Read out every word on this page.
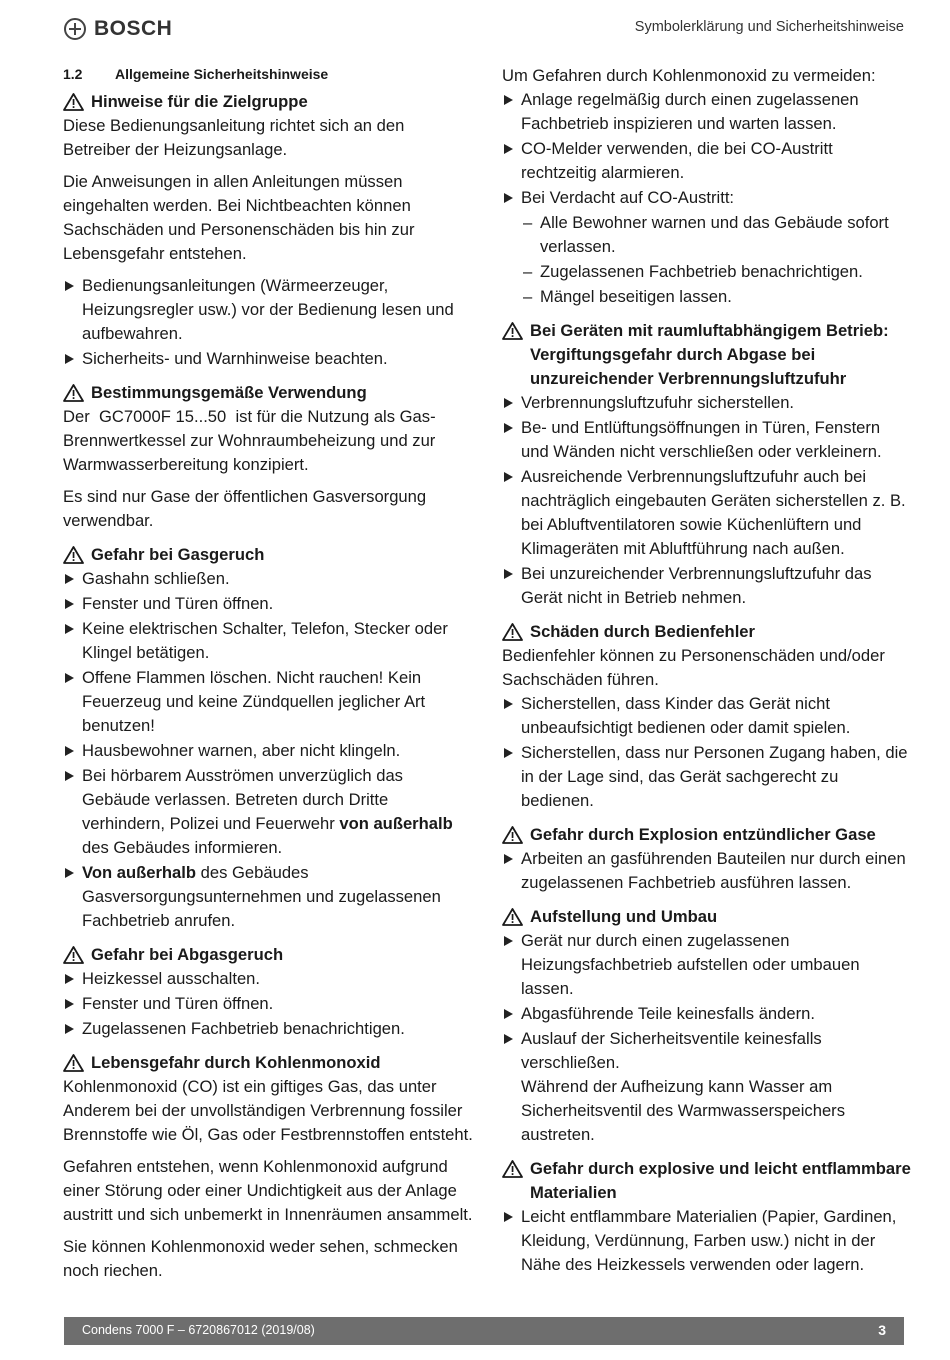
BOSCH	Symbolerklärung und Sicherheitshinweise
1.2	Allgemeine Sicherheitshinweise
Hinweise für die Zielgruppe

Diese Bedienungsanleitung richtet sich an den Betreiber der Heizungsanlage.

Die Anweisungen in allen Anleitungen müssen eingehalten werden. Bei Nichtbeachten können Sachschäden und Personenschäden bis hin zur Lebensgefahr entstehen.

Bedienungsanleitungen (Wärmeerzeuger, Heizungsregler usw.) vor der Bedienung lesen und aufbewahren.
Sicherheits- und Warnhinweise beachten.
Bestimmungsgemäße Verwendung

Der  GC7000F 15...50  ist für die Nutzung als Gas-Brennwertkessel zur Wohnraumbeheizung und zur Warmwasserbereitung konzipiert.

Es sind nur Gase der öffentlichen Gasversorgung verwendbar.

Gefahr bei Gasgeruch
Gashahn schließen.
Fenster und Türen öffnen.
Keine elektrischen Schalter, Telefon, Stecker oder Klingel betätigen.
Offene Flammen löschen. Nicht rauchen! Kein Feuerzeug und keine Zündquellen jeglicher Art benutzen!
Hausbewohner warnen, aber nicht klingeln.
Bei hörbarem Ausströmen unverzüglich das Gebäude verlassen. Betreten durch Dritte verhindern, Polizei und Feuerwehr von außerhalb des Gebäudes informieren.
Von außerhalb des Gebäudes Gasversorgungsunternehmen und zugelassenen Fachbetrieb anrufen.
Gefahr bei Abgasgeruch
Heizkessel ausschalten.
Fenster und Türen öffnen.
Zugelassenen Fachbetrieb benachrichtigen.
Lebensgefahr durch Kohlenmonoxid

Kohlenmonoxid (CO) ist ein giftiges Gas, das unter Anderem bei der unvollständigen Verbrennung fossiler Brennstoffe wie Öl, Gas oder Festbrennstoffen entsteht.

Gefahren entstehen, wenn Kohlenmonoxid aufgrund einer Störung oder einer Undichtigkeit aus der Anlage austritt und sich unbemerkt in Innenräumen ansammelt.

Sie können Kohlenmonoxid weder sehen, schmecken noch riechen.

Um Gefahren durch Kohlenmonoxid zu vermeiden:

Anlage regelmäßig durch einen zugelassenen Fachbetrieb inspizieren und warten lassen.
CO-Melder verwenden, die bei CO-Austritt rechtzeitig alarmieren.
Bei Verdacht auf CO-Austritt:
– Alle Bewohner warnen und das Gebäude sofort verlassen.
– Zugelassenen Fachbetrieb benachrichtigen.
– Mängel beseitigen lassen.
Bei Geräten mit raumluftabhängigem Betrieb: Vergiftungsgefahr durch Abgase bei unzureichender Verbrennungsluftzufuhr
Verbrennungsluftzufuhr sicherstellen.
Be- und Entlüftungsöffnungen in Türen, Fenstern und Wänden nicht verschließen oder verkleinern.
Ausreichende Verbrennungsluftzufuhr auch bei nachträglich eingebauten Geräten sicherstellen z. B. bei Abluftventilatoren sowie Küchenlüftern und Klimageräten mit Abluftführung nach außen.
Bei unzureichender Verbrennungsluftzufuhr das Gerät nicht in Betrieb nehmen.
Schäden durch Bedienfehler

Bedienfehler können zu Personenschäden und/oder Sachschäden führen.

Sicherstellen, dass Kinder das Gerät nicht unbeaufsichtigt bedienen oder damit spielen.
Sicherstellen, dass nur Personen Zugang haben, die in der Lage sind, das Gerät sachgerecht zu bedienen.
Gefahr durch Explosion entzündlicher Gase
Arbeiten an gasführenden Bauteilen nur durch einen zugelassenen Fachbetrieb ausführen lassen.
Aufstellung und Umbau
Gerät nur durch einen zugelassenen Heizungsfachbetrieb aufstellen oder umbauen lassen.
Abgasführende Teile keinesfalls ändern.
Auslauf der Sicherheitsventile keinesfalls verschließen.
Während der Aufheizung kann Wasser am Sicherheitsventil des Warmwasserspeichers austreten.
Gefahr durch explosive und leicht entflammbare Materialien
Leicht entflammbare Materialien (Papier, Gardinen, Kleidung, Verdünnung, Farben usw.) nicht in der Nähe des Heizkessels verwenden oder lagern.
Condens 7000 F – 6720867012 (2019/08)	3
